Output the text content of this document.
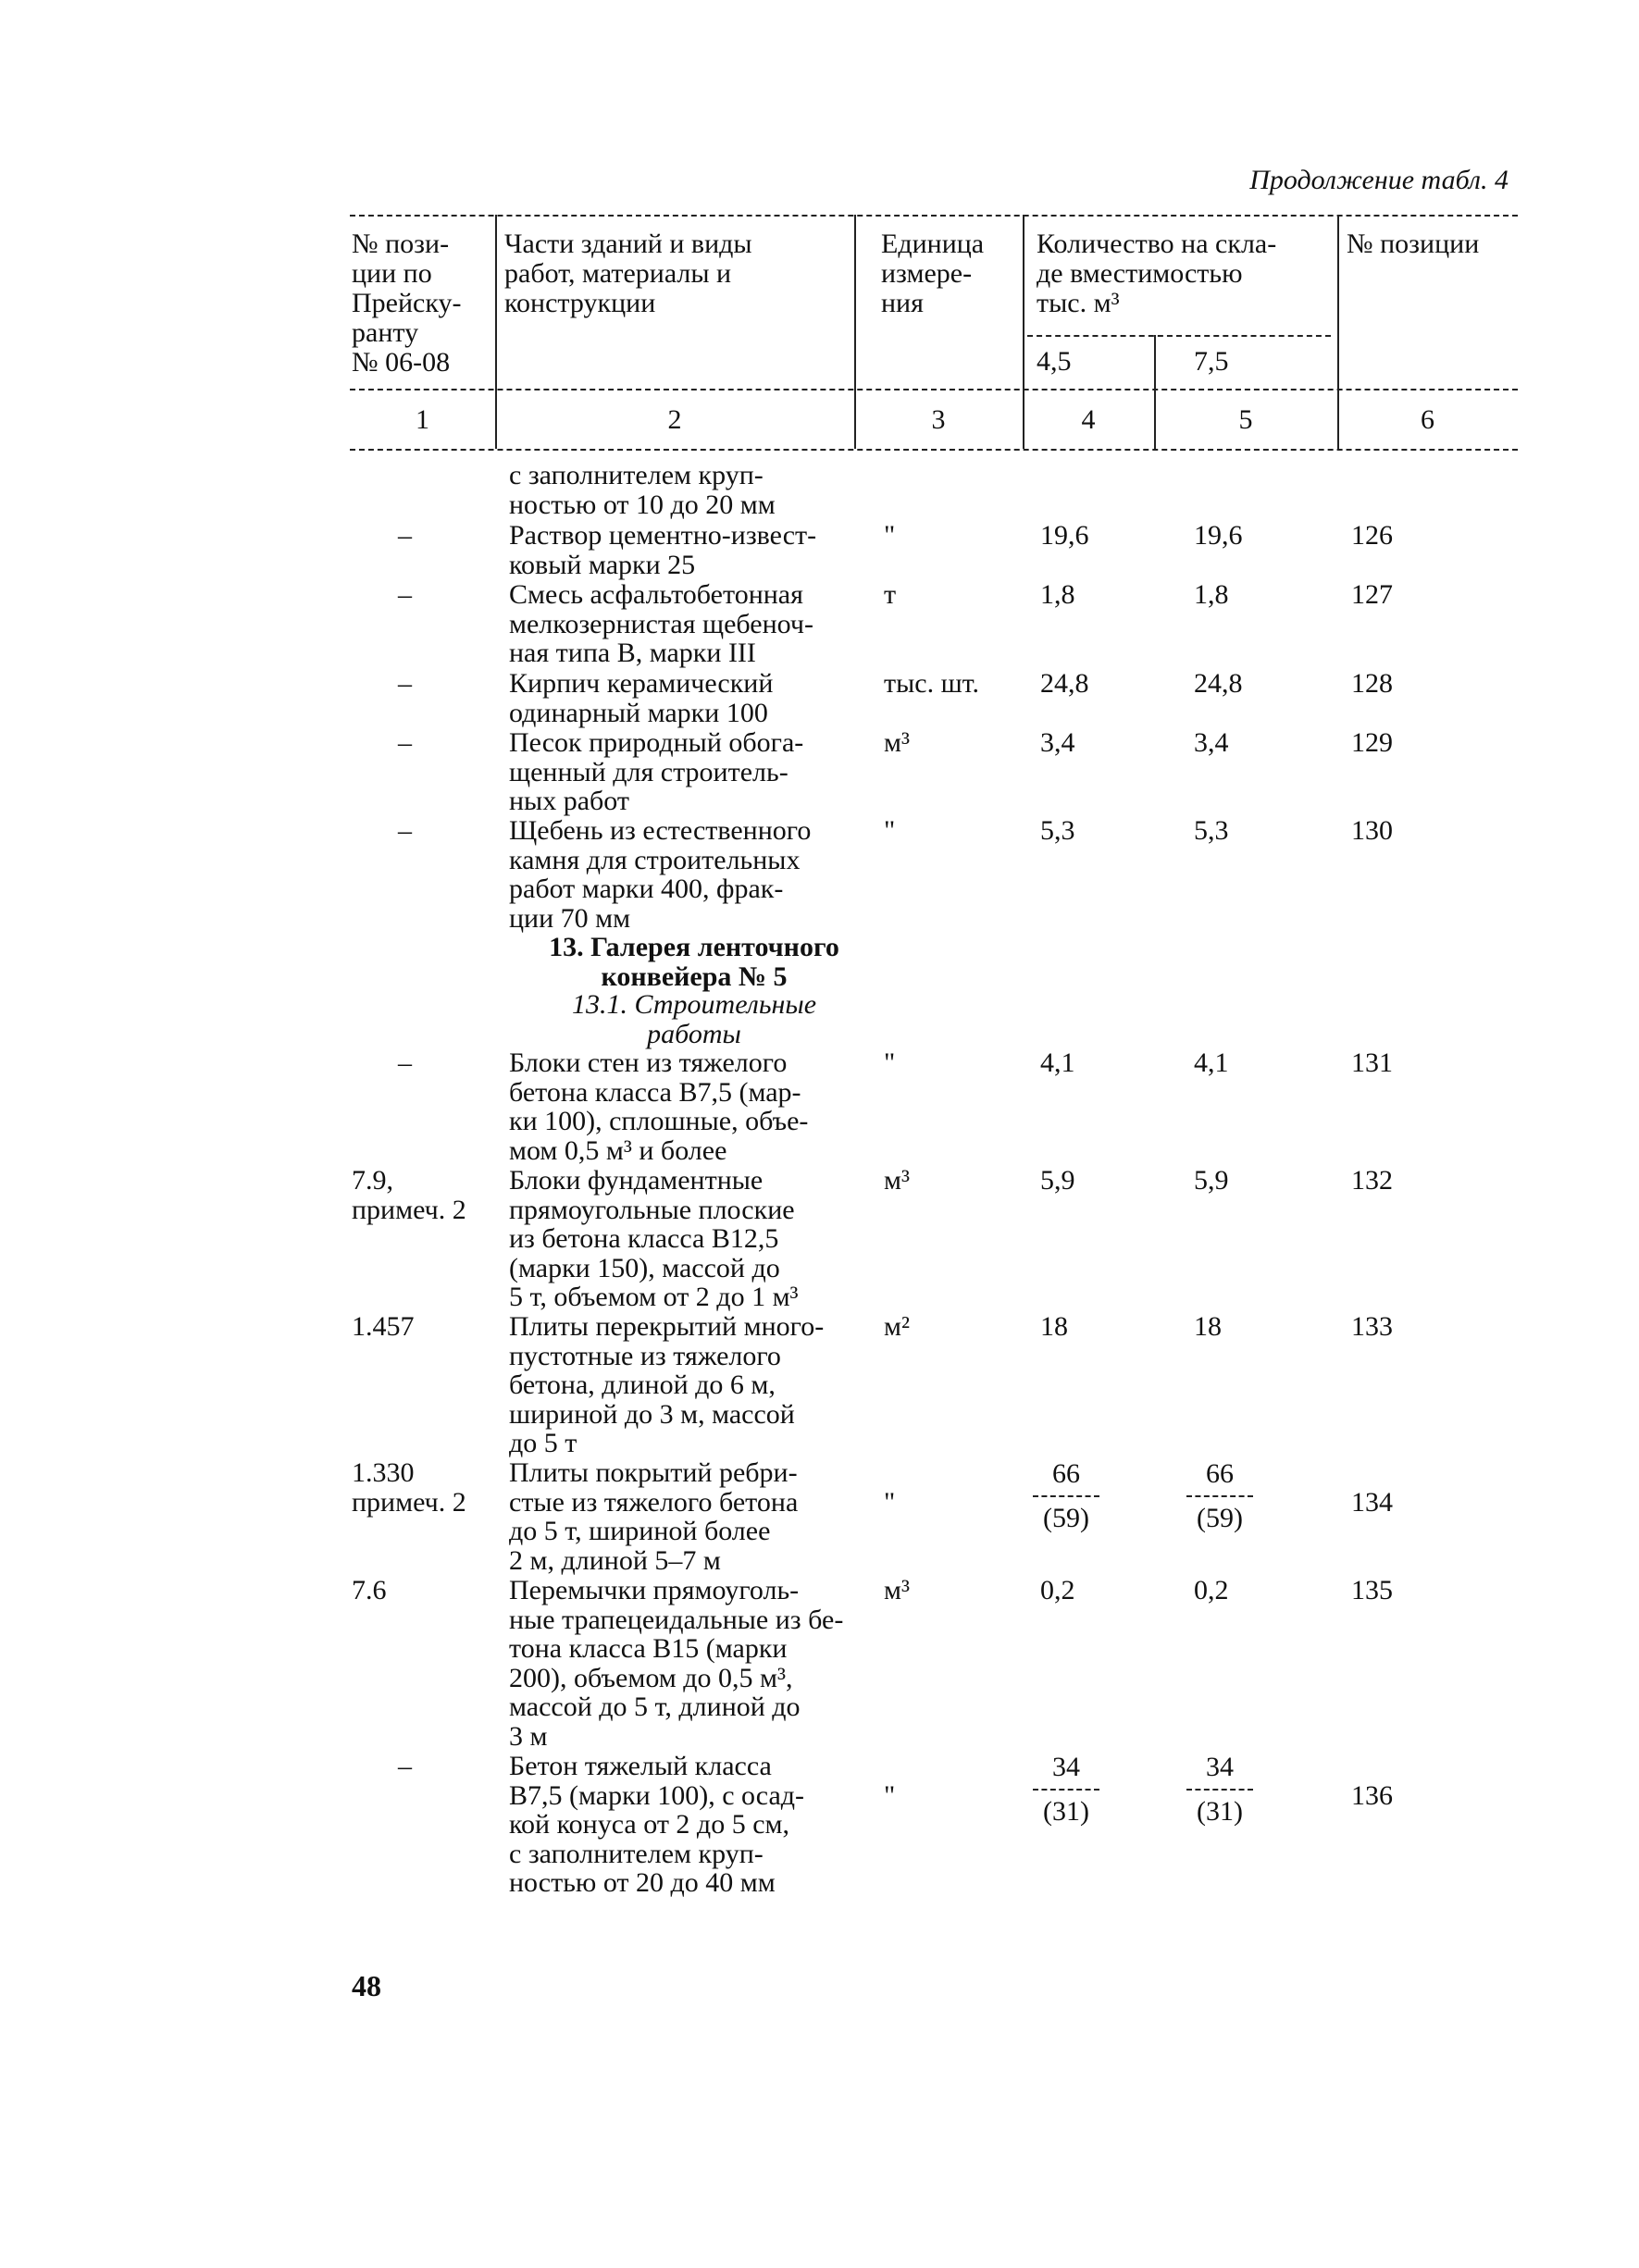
Продолжение табл. 4
№ пози-
ции по
Прейску-
ранту
№ 06-08
Части зданий и виды
работ, материалы и
конструкции
Единица
измере-
ния
Количество на скла-
де вместимостью
тыс. м³
4,5	7,5
№ позиции
1	2	3	4	5	6
с заполнителем круп-
ностью от 10 до 20 мм
–	Раствор цементно-извест-
ковый марки 25
"	19,6	19,6	126
–	Смесь асфальтобетонная
мелкозернистая щебеноч-
ная типа В, марки III
т	1,8	1,8	127
–	Кирпич керамический
одинарный марки 100
тыс. шт.	24,8	24,8	128
–	Песок природный обога-
щенный для строитель-
ных работ
м³	3,4	3,4	129
–	Щебень из естественного
камня для строительных
работ марки 400, фрак-
ции 70 мм
"	5,3	5,3	130
13. Галерея ленточного
конвейера № 5
13.1. Строительные
работы
–	Блоки стен из тяжелого
бетона класса В7,5 (мар-
ки 100), сплошные, объе-
мом 0,5 м³ и более
"	4,1	4,1	131
7.9,
примеч. 2
Блоки фундаментные
прямоугольные плоские
из бетона класса В12,5
(марки 150), массой до
5 т, объемом от 2 до 1 м³
м³	5,9	5,9	132
1.457	Плиты перекрытий много-
пустотные из тяжелого
бетона, длиной до 6 м,
шириной до 3 м, массой
до 5 т
м²	18	18	133
1.330
примеч. 2
Плиты покрытий ребри-
стые из тяжелого бетона
до 5 т, шириной более
2 м, длиной 5–7 м
"
66
(59)
66
(59)
134
7.6	Перемычки прямоуголь-
ные трапецеидальные из бе-
тона класса В15 (марки
200), объемом до 0,5 м³,
массой до 5 т, длиной до
3 м
м³	0,2	0,2	135
–	Бетон тяжелый класса
В7,5 (марки 100), с осад-
кой конуса от 2 до 5 см,
с заполнителем круп-
ностью от 20 до 40 мм
"
34
(31)
34
(31)
136
48
